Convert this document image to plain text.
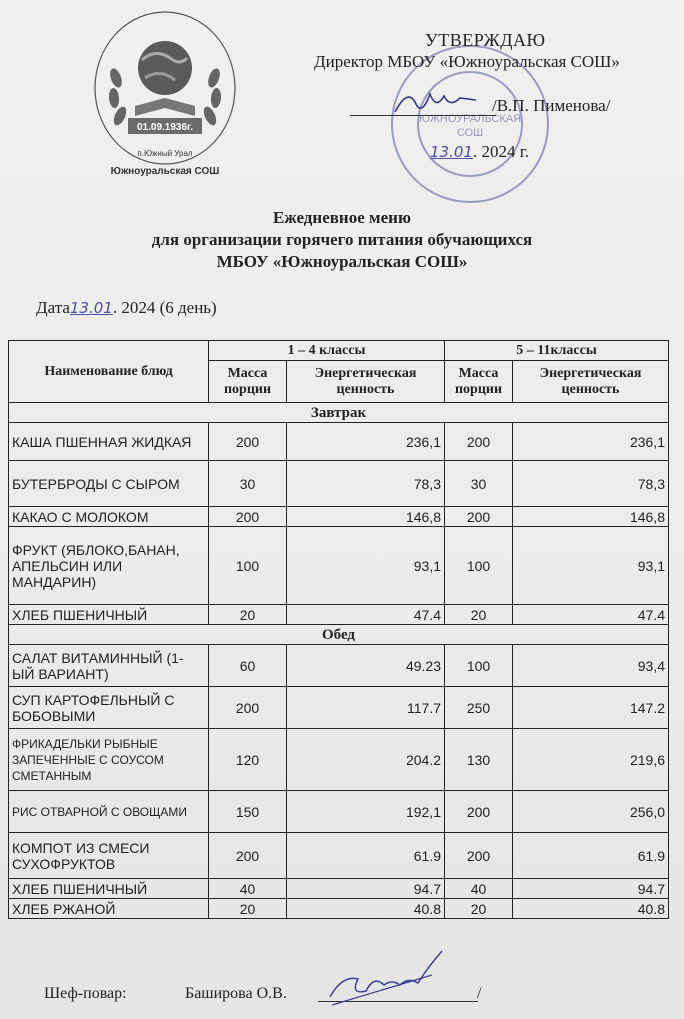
01.09.1936г.
п.Южный Урал
Южноуральская СОШ
ЮЖНОУРАЛЬСКАЯ
СОШ
УТВЕРЖДАЮ
Директор МБОУ «Южноуральская СОШ»
/В.П. Пименова/
13.01. 2024 г.
Ежедневное меню
для организации горячего питания обучающихся
МБОУ «Южноуральская СОШ»
Дата13.01. 2024 (6 день)
Наименование блюд	1 – 4 классы		5 – 11классы	
	Масса порции	Энергетическая ценность	Масса порции	Энергетическая ценность
Завтрак				
КАША ПШЕННАЯ ЖИДКАЯ	200	236,1	200	236,1
БУТЕРБРОДЫ С СЫРОМ	30	78,3	30	78,3
КАКАО С МОЛОКОМ	200	146,8	200	146,8
ФРУКТ (ЯБЛОКО,БАНАН, АПЕЛЬСИН ИЛИ МАНДАРИН)	100	93,1	100	93,1
ХЛЕБ ПШЕНИЧНЫЙ	20	47.4	20	47.4
Обед				
САЛАТ ВИТАМИННЫЙ (1-ЫЙ ВАРИАНТ)	60	49.23	100	93,4
СУП КАРТОФЕЛЬНЫЙ С БОБОВЫМИ	200	117.7	250	147.2
ФРИКАДЕЛЬКИ РЫБНЫЕ ЗАПЕЧЕННЫЕ С СОУСОМ СМЕТАННЫМ	120	204.2	130	219,6
РИС ОТВАРНОЙ С ОВОЩАМИ	150	192,1	200	256,0
КОМПОТ ИЗ СМЕСИ СУХОФРУКТОВ	200	61.9	200	61.9
ХЛЕБ ПШЕНИЧНЫЙ	40	94.7	40	94.7
ХЛЕБ РЖАНОЙ	20	40.8	20	40.8
Шеф-повар:	Баширова О.В.	/
